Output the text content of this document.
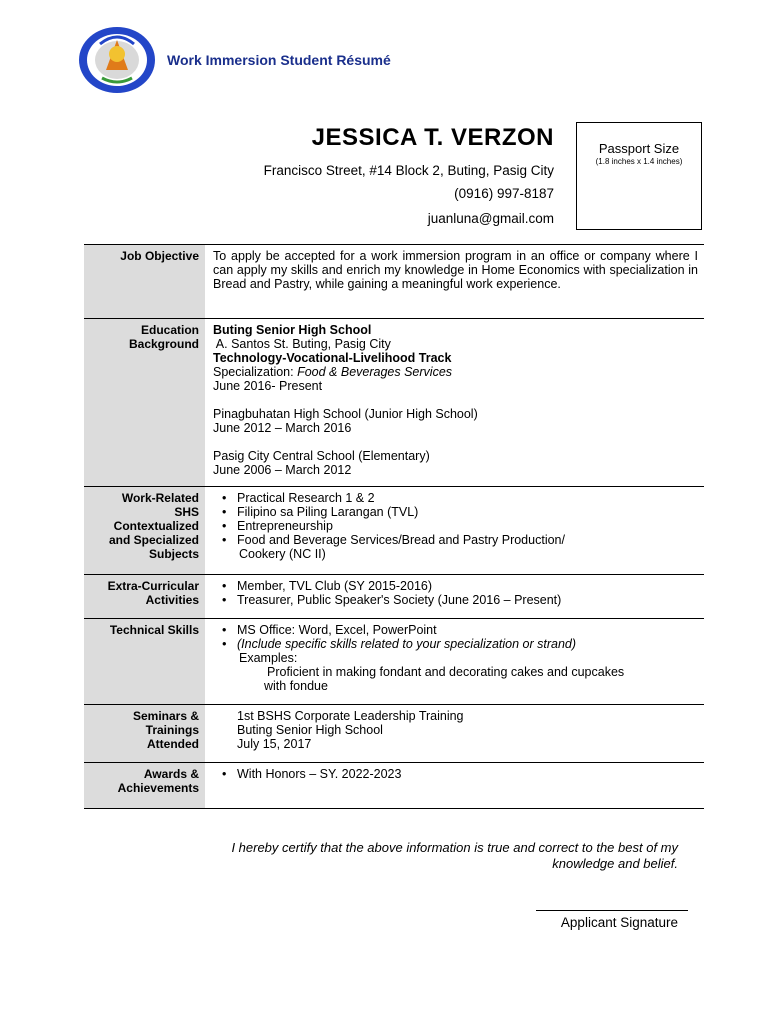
Work Immersion Student Résumé
JESSICA T. VERZON
Francisco Street, #14 Block 2, Buting, Pasig City
(0916) 997-8187
juanluna@gmail.com
Passport Size
(1.8 inches x 1.4 inches)
Job Objective	To apply be accepted for a work immersion program in an office or company where I can apply my skills and enrich my knowledge in Home Economics with specialization in Bread and Pastry, while gaining a meaningful work experience.
Education
Background
Buting Senior High School
A. Santos St. Buting, Pasig City
Technology-Vocational-Livelihood Track
Specialization: Food & Beverages Services
June 2016- Present
Pinagbuhatan High School (Junior High School)
June 2012 – March 2016
Pasig City Central School (Elementary)
June 2006 – March 2012
Work-Related
SHS
Contextualized
and Specialized
Subjects
• Practical Research 1 & 2
• Filipino sa Piling Larangan (TVL)
• Entrepreneurship
• Food and Beverage Services/Bread and Pastry Production/
Cookery (NC II)
Extra-Curricular
Activities
• Member, TVL Club (SY 2015-2016)
• Treasurer, Public Speaker's Society (June 2016 – Present)
Technical Skills
•	MS Office: Word, Excel, PowerPoint
• (Include specific skills related to your specialization or strand)
Examples:
Proficient in making fondant and decorating cakes and cupcakes
with fondue
Seminars &
Trainings
Attended
1st BSHS Corporate Leadership Training
Buting Senior High School
July 15, 2017
Awards &
Achievements
• With Honors – SY. 2022-2023
I hereby certify that the above information is true and correct to the best of my
knowledge and belief.
Applicant Signature
